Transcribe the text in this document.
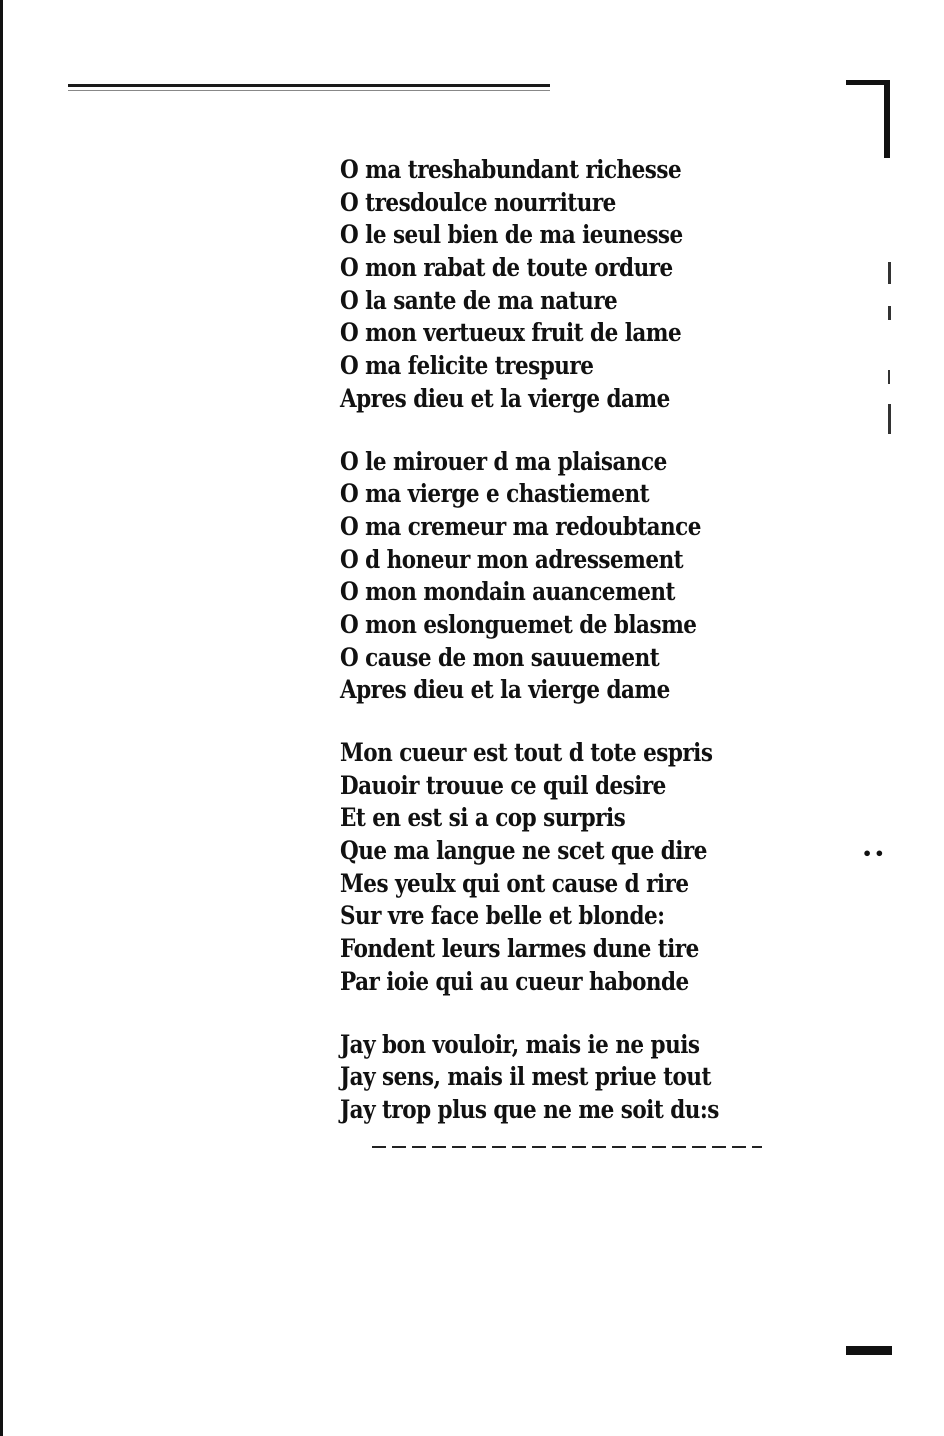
••
O ma treshabundant richesse
O tresdoulce nourriture
O le seul bien de ma ieunesse
O mon rabat de toute ordure
O la sante de ma nature
O mon vertueux fruit de lame
O ma felicite trespure
Apres dieu et la vierge dame
O le mirouer d ma plaisance
O ma vierge e chastiement
O ma cremeur ma redoubtance
O d honeur mon adressement
O mon mondain auancement
O mon eslonguemet de blasme
O cause de mon sauuement
Apres dieu et la vierge dame
Mon cueur est tout d tote espris
Dauoir trouue ce quil desire
Et en est si a cop surpris
Que ma langue ne scet que dire
Mes yeulx qui ont cause d rire
Sur vre face belle et blonde:
Fondent leurs larmes dune tire
Par ioie qui au cueur habonde
Jay bon vouloir, mais ie ne puis
Jay sens, mais il mest priue tout
Jay trop plus que ne me soit du:s
